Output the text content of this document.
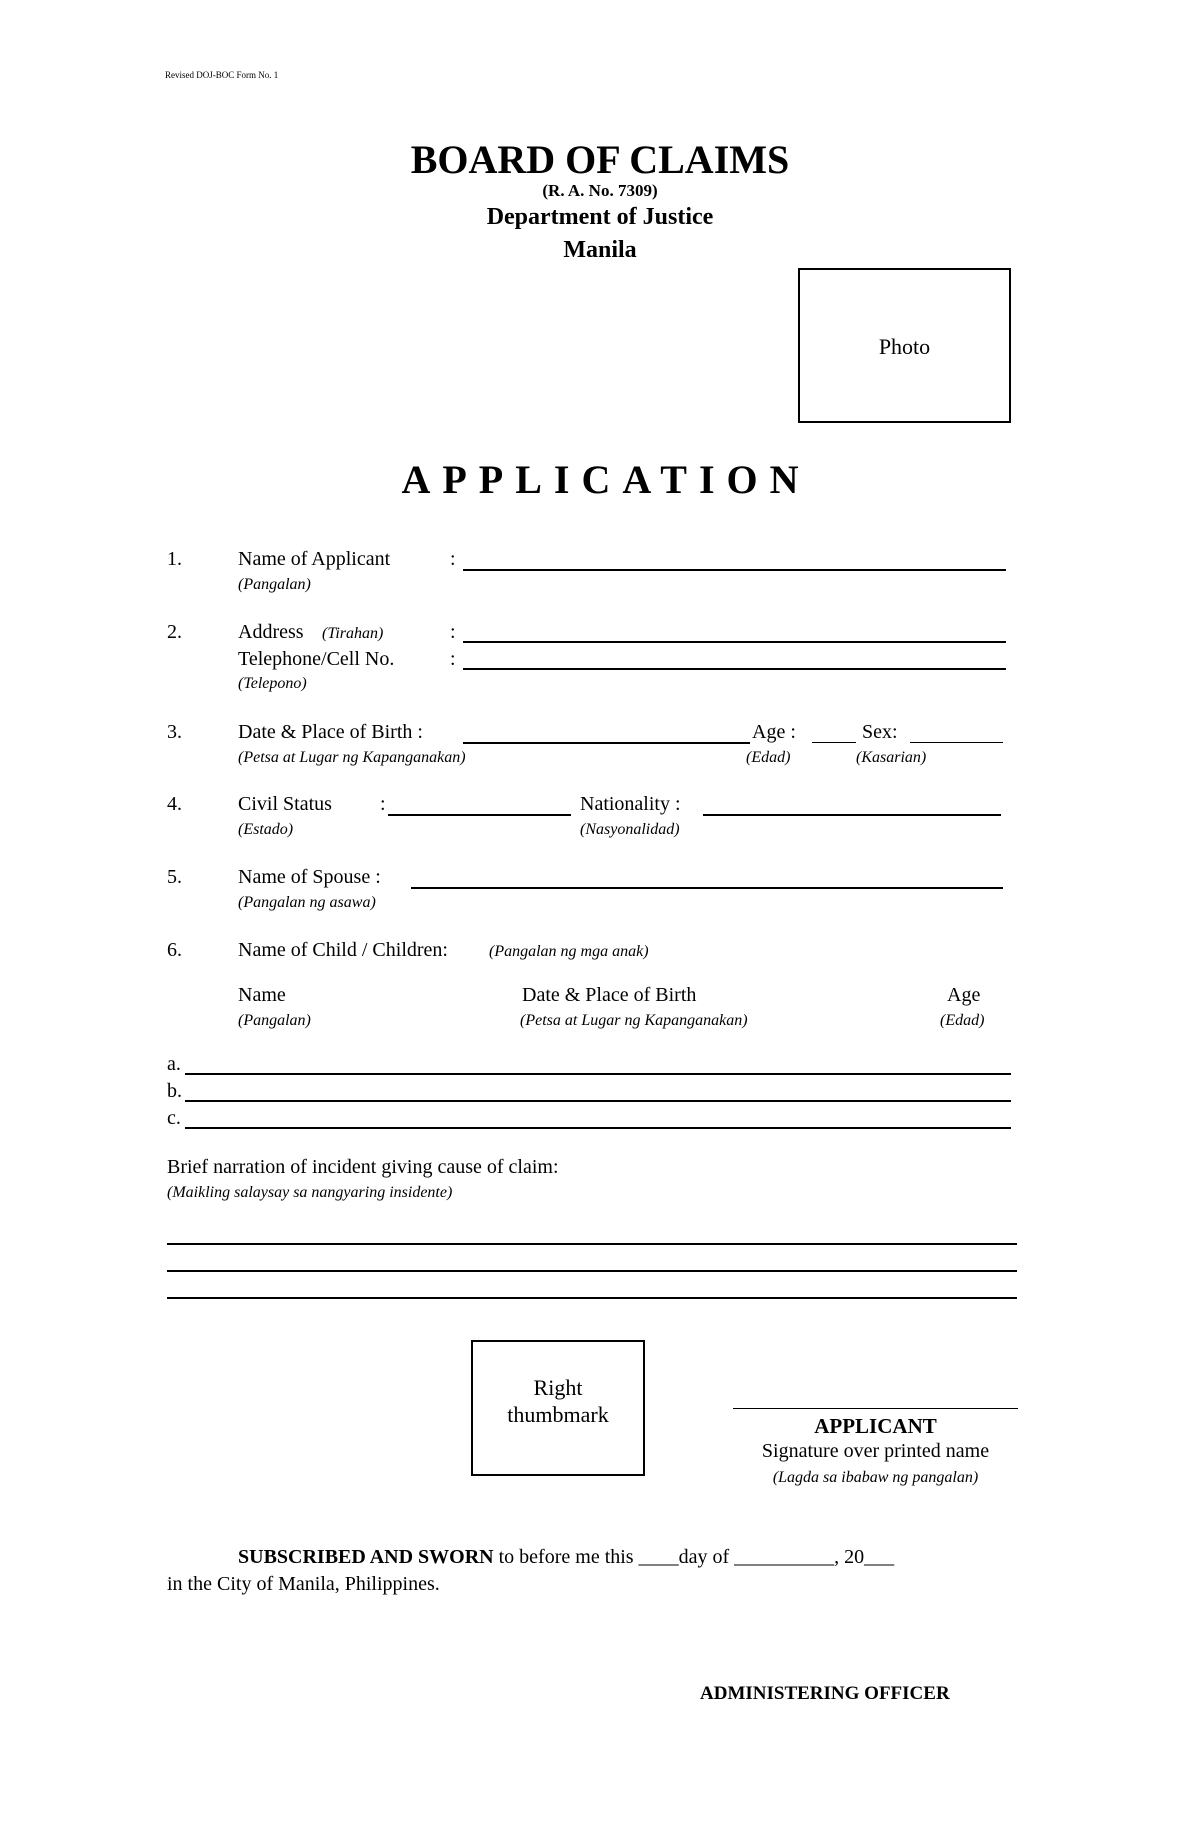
Revised DOJ-BOC Form No. 1
BOARD OF CLAIMS
(R. A. No. 7309)
Department of Justice
Manila
Photo
APPLICATION
1.	Name of Applicant	:
(Pangalan)
2.	Address (Tirahan)	:
Telephone/Cell No.	:
(Telepono)
3.	Date & Place of Birth :	Age :	Sex:
(Petsa at Lugar ng Kapanganakan)	(Edad)	(Kasarian)
4.	Civil Status :	Nationality :
(Estado)	(Nasyonalidad)
5.	Name of Spouse :
(Pangalan ng asawa)
6.	Name of Child / Children:	(Pangalan ng mga anak)
Name	Date & Place of Birth	Age
(Pangalan)	(Petsa at Lugar ng Kapanganakan)	(Edad)
a.
b.
c.
Brief narration of incident giving cause of claim:
(Maikling salaysay sa nangyaring insidente)
Right
thumbmark	APPLICANT
Signature over printed name
(Lagda sa ibabaw ng pangalan)
SUBSCRIBED AND SWORN to before me this ____day of __________, 20___
in the City of Manila, Philippines.
ADMINISTERING OFFICER
